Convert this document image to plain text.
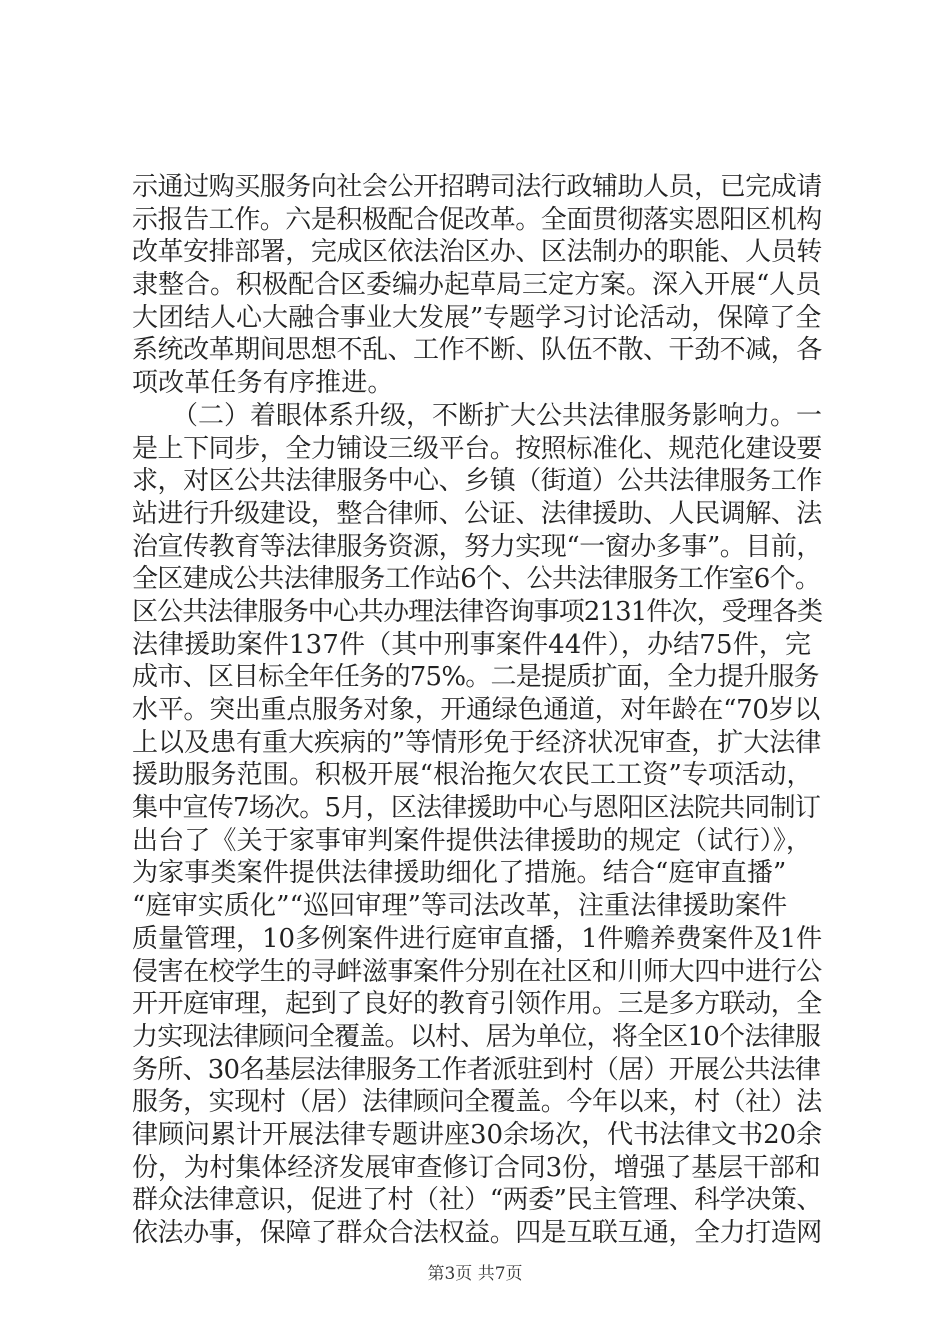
示通过购买服务向社会公开招聘司法行政辅助人员，已完成请
示报告工作。六是积极配合促改革。全面贯彻落实恩阳区机构
改革安排部署，完成区依法治区办、区法制办的职能、人员转
隶整合。积极配合区委编办起草局三定方案。深入开展“人员
大团结人心大融合事业大发展”专题学习讨论活动，保障了全
系统改革期间思想不乱、工作不断、队伍不散、干劲不减，各
项改革任务有序推进。
（二）着眼体系升级，不断扩大公共法律服务影响力。一
是上下同步，全力铺设三级平台。按照标准化、规范化建设要
求，对区公共法律服务中心、乡镇（街道）公共法律服务工作
站进行升级建设，整合律师、公证、法律援助、人民调解、法
治宣传教育等法律服务资源，努力实现“一窗办多事”。目前，
全区建成公共法律服务工作站6个、公共法律服务工作室6个。
区公共法律服务中心共办理法律咨询事项2131件次，受理各类
法律援助案件137件（其中刑事案件44件），办结75件，完
成市、区目标全年任务的75%。二是提质扩面，全力提升服务
水平。突出重点服务对象，开通绿色通道，对年龄在“70岁以
上以及患有重大疾病的”等情形免于经济状况审查，扩大法律
援助服务范围。积极开展“根治拖欠农民工工资”专项活动，
集中宣传7场次。5月，区法律援助中心与恩阳区法院共同制订
出台了《关于家事审判案件提供法律援助的规定（试行）》，
为家事类案件提供法律援助细化了措施。结合“庭审直播”
“庭审实质化”“巡回审理”等司法改革，注重法律援助案件
质量管理，10多例案件进行庭审直播，1件赡养费案件及1件
侵害在校学生的寻衅滋事案件分别在社区和川师大四中进行公
开开庭审理，起到了良好的教育引领作用。三是多方联动，全
力实现法律顾问全覆盖。以村、居为单位，将全区10个法律服
务所、30名基层法律服务工作者派驻到村（居）开展公共法律
服务，实现村（居）法律顾问全覆盖。今年以来，村（社）法
律顾问累计开展法律专题讲座30余场次，代书法律文书20余
份，为村集体经济发展审查修订合同3份，增强了基层干部和
群众法律意识，促进了村（社）“两委”民主管理、科学决策、
依法办事，保障了群众合法权益。四是互联互通，全力打造网
第3页 共7页
